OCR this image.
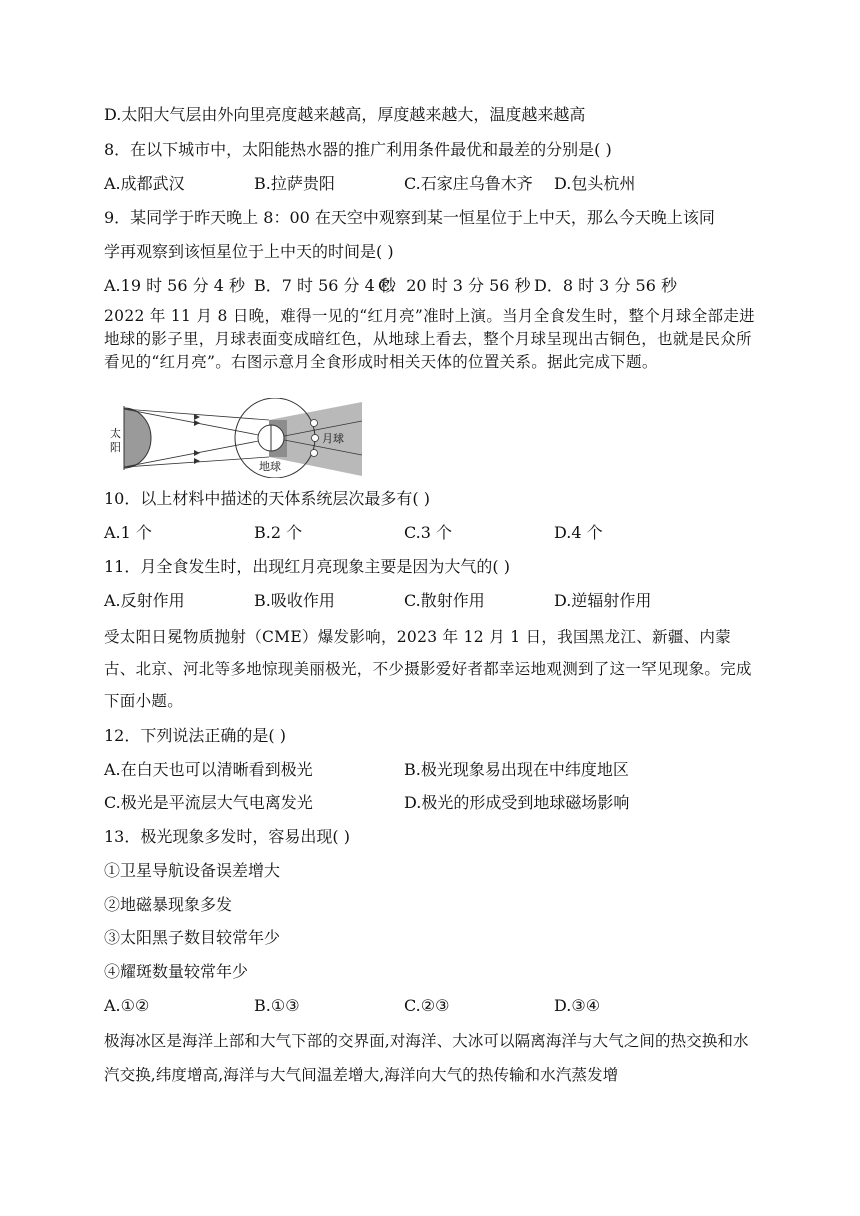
D.太阳大气层由外向里亮度越来越高，厚度越来越大，温度越来越高
8．在以下城市中，太阳能热水器的推广利用条件最优和最差的分别是( )
A.成都武汉	B.拉萨贵阳	C.石家庄乌鲁木齐 D.包头杭州
9．某同学于昨天晚上 8：00 在天空中观察到某一恒星位于上中天，那么今天晚上该同
学再观察到该恒星位于上中天的时间是( )
A.19 时 56 分 4 秒 B．7 时 56 分 4 秒
C．20 时 3 分 56 秒 D．8 时 3 分 56 秒
2022 年 11 月 8 日晚，难得一见的“红月亮”准时上演。当月全食发生时，整个月球全部走进地球的影子里，月球表面变成暗红色，从地球上看去，整个月球呈现出古铜色，也就是民众所看见的“红月亮”。右图示意月全食形成时相关天体的位置关系。据此完成下题。
太
阳
地球
月球
10．以上材料中描述的天体系统层次最多有( )
A.1 个	B.2 个	C.3 个	D.4 个
11．月全食发生时，出现红月亮现象主要是因为大气的( )
A.反射作用	B.吸收作用	C.散射作用	D.逆辐射作用
受太阳日冕物质抛射（CME）爆发影响，2023 年 12 月 1 日，我国黑龙江、新疆、内蒙古、北京、河北等多地惊现美丽极光，不少摄影爱好者都幸运地观测到了这一罕见现象。完成下面小题。
12．下列说法正确的是( )
A.在白天也可以清晰看到极光	B.极光现象易出现在中纬度地区
C.极光是平流层大气电离发光	D.极光的形成受到地球磁场影响
13．极光现象多发时，容易出现( )
①卫星导航设备误差增大
②地磁暴现象多发
③太阳黑子数目较常年少
④耀斑数量较常年少
A.①②	B.①③	C.②③	D.③④
极海冰区是海洋上部和大气下部的交界面,对海洋、大冰可以隔离海洋与大气之间的热交换和水汽交换,纬度增高,海洋与大气间温差增大,海洋向大气的热传输和水汽蒸发增
